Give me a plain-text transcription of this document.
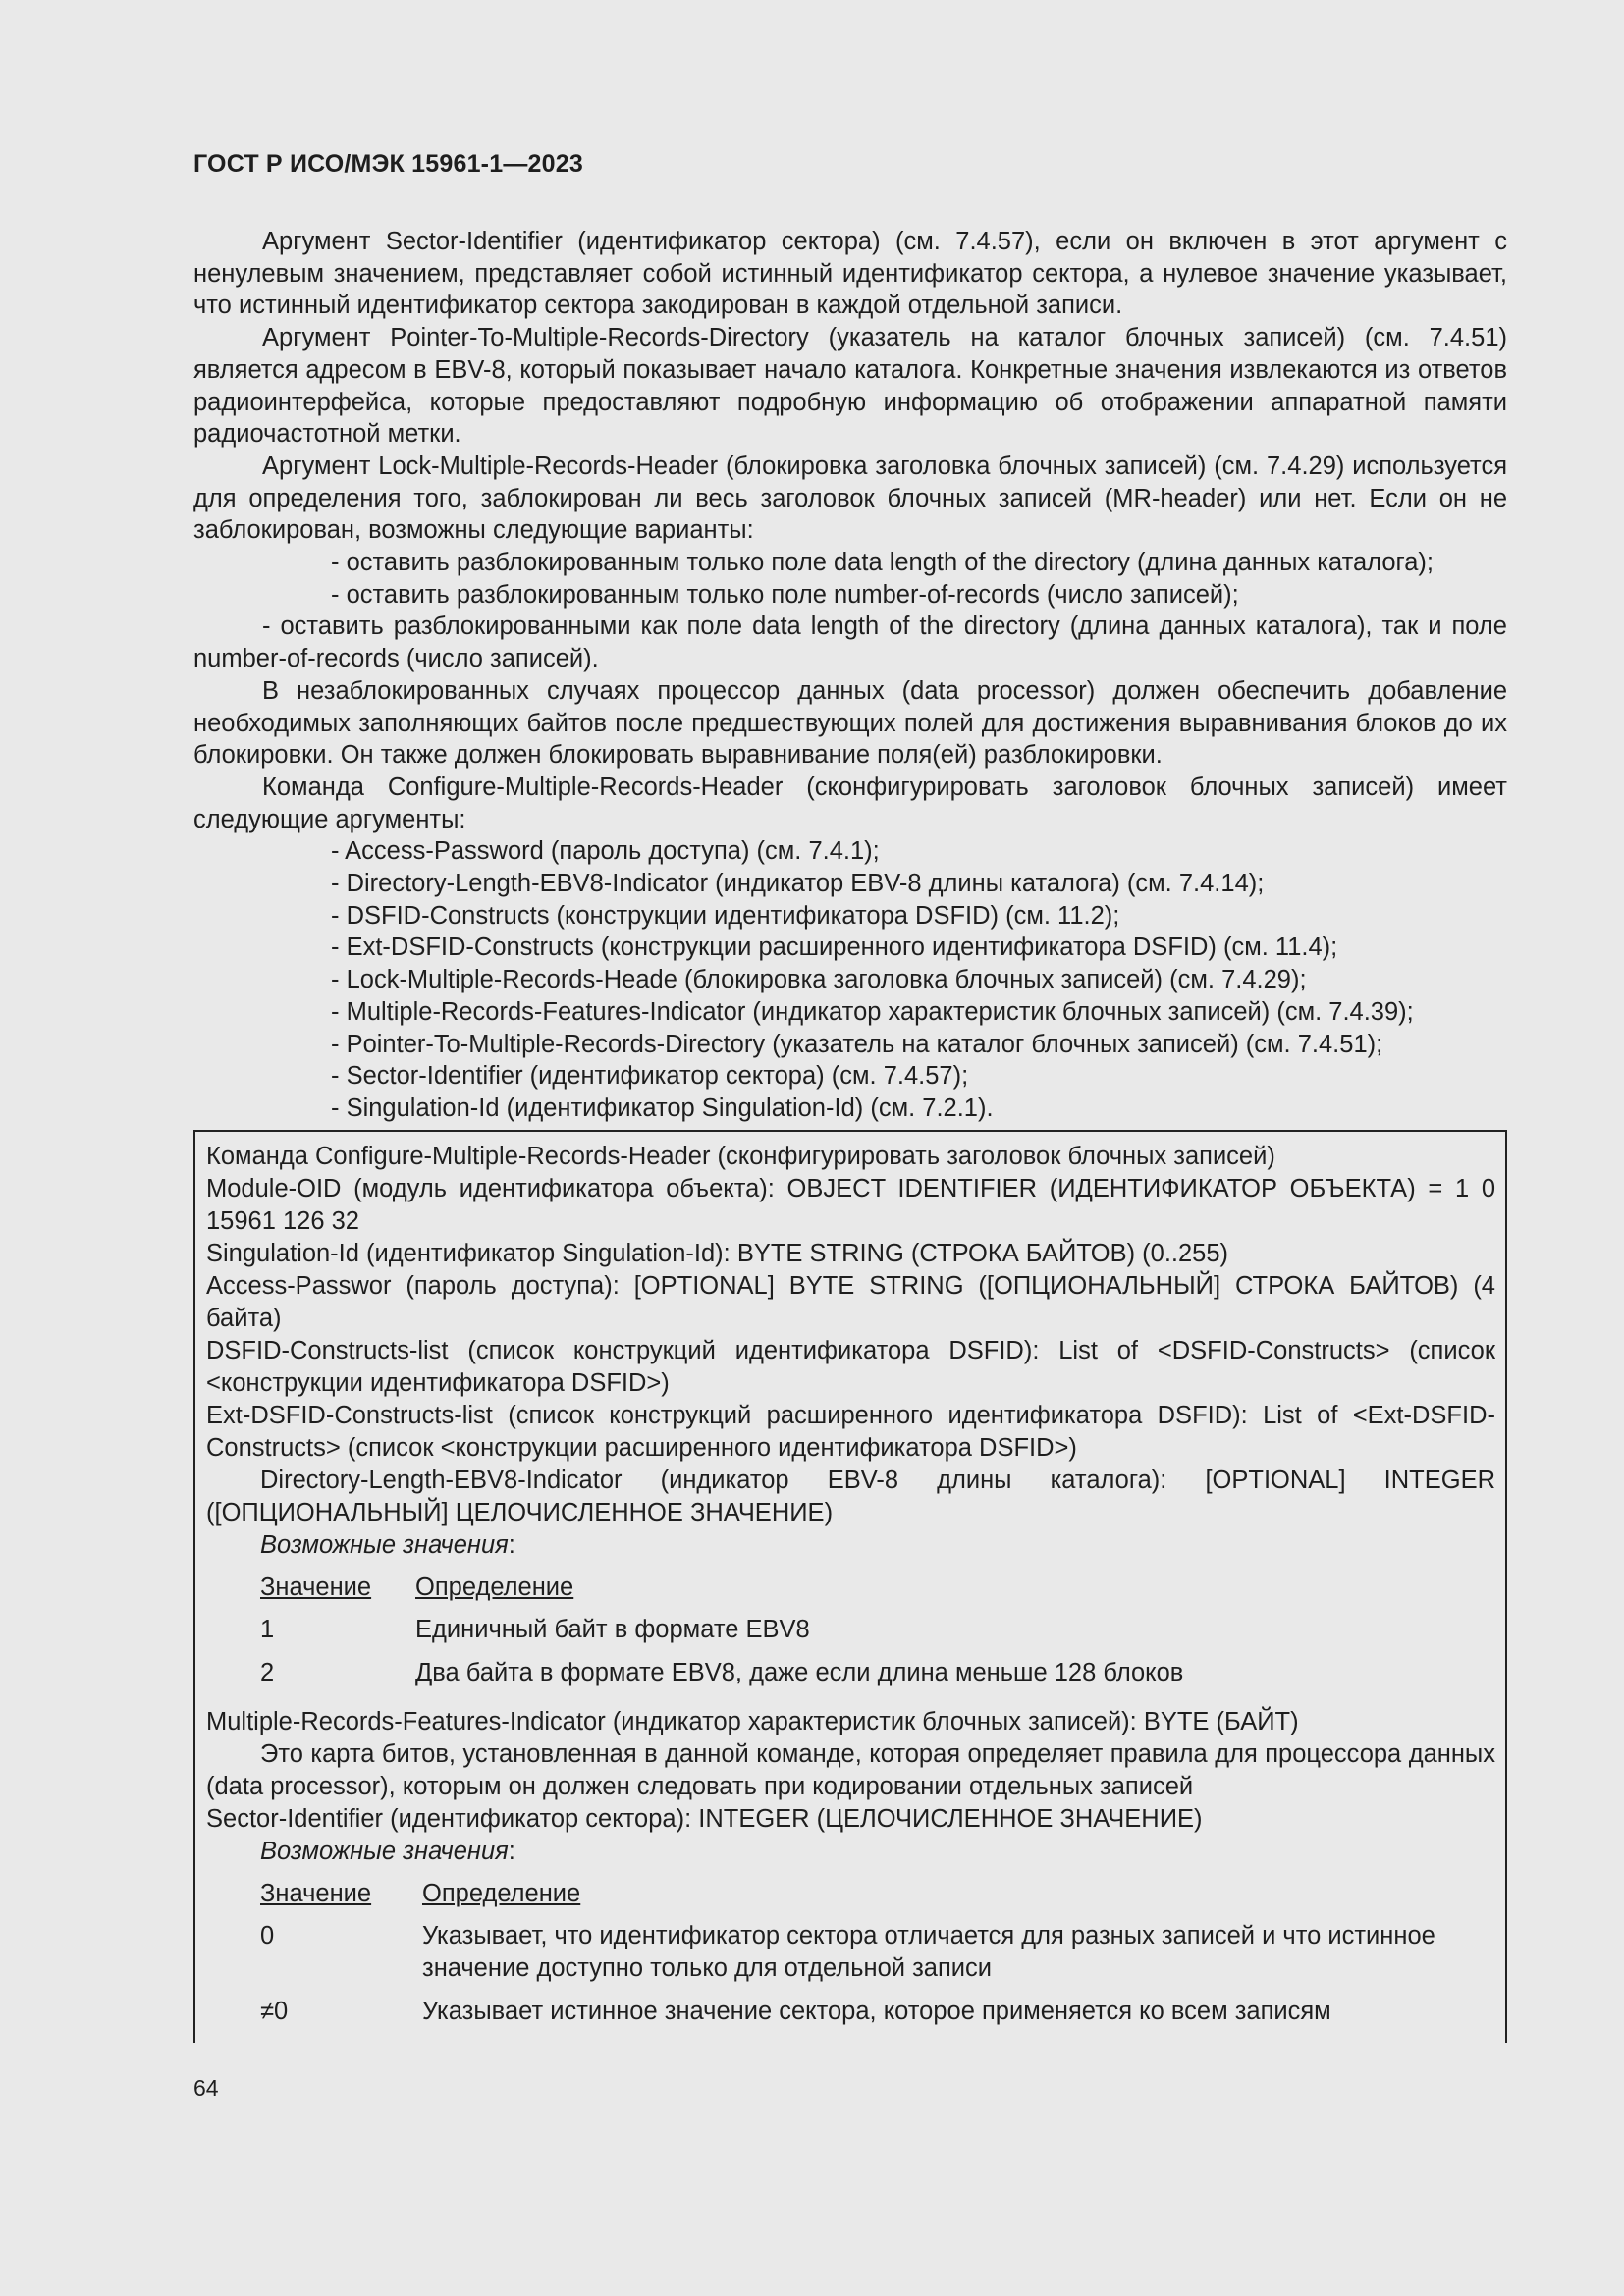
ГОСТ Р ИСО/МЭК 15961-1—2023

Аргумент Sector-Identifier (идентификатор сектора) (см. 7.4.57), если он включен в этот аргумент с ненулевым значением, представляет собой истинный идентификатор сектора, а нулевое значение указывает, что истинный идентификатор сектора закодирован в каждой отдельной записи.

Аргумент Pointer-To-Multiple-Records-Directory (указатель на каталог блочных записей) (см. 7.4.51) является адресом в EBV-8, который показывает начало каталога. Конкретные значения извлекаются из ответов радиоинтерфейса, которые предоставляют подробную информацию об отображении аппаратной памяти радиочастотной метки.

Аргумент Lock-Multiple-Records-Header (блокировка заголовка блочных записей) (см. 7.4.29) используется для определения того, заблокирован ли весь заголовок блочных записей (MR-header) или нет. Если он не заблокирован, возможны следующие варианты:

- оставить разблокированным только поле data length of the directory (длина данных каталога);

- оставить разблокированным только поле number-of-records (число записей);

- оставить разблокированными как поле data length of the directory (длина данных каталога), так и поле number-of-records (число записей).

В незаблокированных случаях процессор данных (data processor) должен обеспечить добавление необходимых заполняющих байтов после предшествующих полей для достижения выравнивания блоков до их блокировки. Он также должен блокировать выравнивание поля(ей) разблокировки.

Команда Configure-Multiple-Records-Header (сконфигурировать заголовок блочных записей) имеет следующие аргументы:

- Access-Password (пароль доступа) (см. 7.4.1);

- Directory-Length-EBV8-Indicator (индикатор EBV-8 длины каталога) (см. 7.4.14);

- DSFID-Constructs (конструкции идентификатора DSFID) (см. 11.2);

- Ext-DSFID-Constructs (конструкции расширенного идентификатора DSFID) (см. 11.4);

- Lock-Multiple-Records-Heade (блокировка заголовка блочных записей) (см. 7.4.29);

- Multiple-Records-Features-Indicator (индикатор характеристик блочных записей) (см. 7.4.39);

- Pointer-To-Multiple-Records-Directory (указатель на каталог блочных записей) (см. 7.4.51);

- Sector-Identifier (идентификатор сектора) (см. 7.4.57);

- Singulation-Id (идентификатор Singulation-Id) (см. 7.2.1).

Команда Configure-Multiple-Records-Header (сконфигурировать заголовок блочных записей)

Module-OID (модуль идентификатора объекта): OBJECT IDENTIFIER (ИДЕНТИФИКАТОР ОБЪЕКТА) = 1 0 15961 126 32

Singulation-Id (идентификатор Singulation-Id): BYTE STRING (СТРОКА БАЙТОВ) (0..255)

Access-Passwor (пароль доступа): [OPTIONAL] BYTE STRING ([ОПЦИОНАЛЬНЫЙ] СТРОКА БАЙТОВ) (4 байта)

DSFID-Constructs-list (список конструкций идентификатора DSFID): List of <DSFID-Constructs> (список <конструкции идентификатора DSFID>)

Ext-DSFID-Constructs-list (список конструкций расширенного идентификатора DSFID): List of <Ext-DSFID-Constructs> (список <конструкции расширенного идентификатора DSFID>)

Directory-Length-EBV8-Indicator (индикатор EBV-8 длины каталога): [OPTIONAL] INTEGER ([ОПЦИОНАЛЬНЫЙ] ЦЕЛОЧИСЛЕННОЕ ЗНАЧЕНИЕ)

Возможные значения:

Значение	Определение
1	Единичный байт в формате EBV8
2	Два байта в формате EBV8, даже если длина меньше 128 блоков

Multiple-Records-Features-Indicator (индикатор характеристик блочных записей): BYTE (БАЙТ)

Это карта битов, установленная в данной команде, которая определяет правила для процессора данных (data processor), которым он должен следовать при кодировании отдельных записей

Sector-Identifier (идентификатор сектора): INTEGER (ЦЕЛОЧИСЛЕННОЕ ЗНАЧЕНИЕ)

Возможные значения:

Значение	Определение
0	Указывает, что идентификатор сектора отличается для разных записей и что истинное значение доступно только для отдельной записи
≠0	Указывает истинное значение сектора, которое применяется ко всем записям
64
